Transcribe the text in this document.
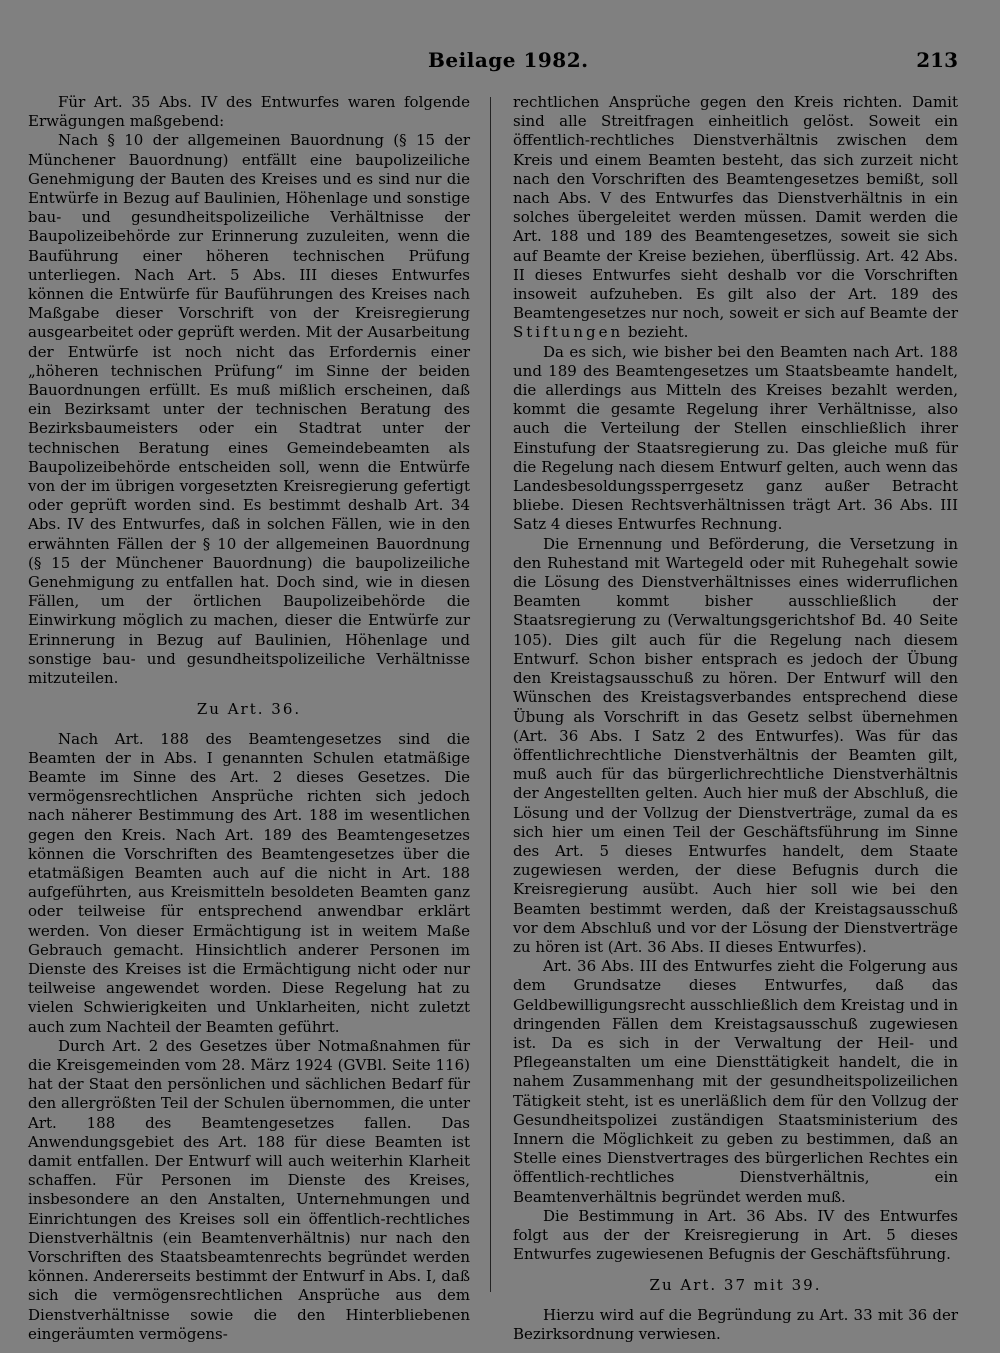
Beilage 1982.	213

Für Art. 35 Abs. IV des Entwurfes waren folgende Erwägungen maßgebend:

Nach § 10 der allgemeinen Bauordnung (§ 15 der Münchener Bauordnung) entfällt eine baupolizeiliche Genehmigung der Bauten des Kreises und es sind nur die Entwürfe in Bezug auf Baulinien, Höhenlage und sonstige bau- und gesundheitspolizeiliche Verhältnisse der Baupolizeibehörde zur Erinnerung zuzuleiten, wenn die Bauführung einer höheren technischen Prüfung unterliegen. Nach Art. 5 Abs. III dieses Entwurfes können die Entwürfe für Bauführungen des Kreises nach Maßgabe dieser Vorschrift von der Kreisregierung ausgearbeitet oder geprüft werden. Mit der Ausarbeitung der Entwürfe ist noch nicht das Erfordernis einer „höheren technischen Prüfung“ im Sinne der beiden Bauordnungen erfüllt. Es muß mißlich erscheinen, daß ein Bezirksamt unter der technischen Beratung des Bezirksbaumeisters oder ein Stadtrat unter der technischen Beratung eines Gemeindebeamten als Baupolizeibehörde entscheiden soll, wenn die Entwürfe von der im übrigen vorgesetzten Kreisregierung gefertigt oder geprüft worden sind. Es bestimmt deshalb Art. 34 Abs. IV des Entwurfes, daß in solchen Fällen, wie in den erwähnten Fällen der § 10 der allgemeinen Bauordnung (§ 15 der Münchener Bauordnung) die baupolizeiliche Genehmigung zu entfallen hat. Doch sind, wie in diesen Fällen, um der örtlichen Baupolizeibehörde die Einwirkung möglich zu machen, dieser die Entwürfe zur Erinnerung in Bezug auf Baulinien, Höhenlage und sonstige bau- und gesundheitspolizeiliche Verhältnisse mitzuteilen.

Zu Art. 36.

Nach Art. 188 des Beamtengesetzes sind die Beamten der in Abs. I genannten Schulen etatmäßige Beamte im Sinne des Art. 2 dieses Gesetzes. Die vermögensrechtlichen Ansprüche richten sich jedoch nach näherer Bestimmung des Art. 188 im wesentlichen gegen den Kreis. Nach Art. 189 des Beamtengesetzes können die Vorschriften des Beamtengesetzes über die etatmäßigen Beamten auch auf die nicht in Art. 188 aufgeführten, aus Kreismitteln besoldeten Beamten ganz oder teilweise für entsprechend anwendbar erklärt werden. Von dieser Ermächtigung ist in weitem Maße Gebrauch gemacht. Hinsichtlich anderer Personen im Dienste des Kreises ist die Ermächtigung nicht oder nur teilweise angewendet worden. Diese Regelung hat zu vielen Schwierigkeiten und Unklarheiten, nicht zuletzt auch zum Nachteil der Beamten geführt.

Durch Art. 2 des Gesetzes über Notmaßnahmen für die Kreisgemeinden vom 28. März 1924 (GVBl. Seite 116) hat der Staat den persönlichen und sächlichen Bedarf für den allergrößten Teil der Schulen übernommen, die unter Art. 188 des Beamtengesetzes fallen. Das Anwendungsgebiet des Art. 188 für diese Beamten ist damit entfallen. Der Entwurf will auch weiterhin Klarheit schaffen. Für Personen im Dienste des Kreises, insbesondere an den Anstalten, Unternehmungen und Einrichtungen des Kreises soll ein öffentlich-rechtliches Dienstverhältnis (ein Beamtenverhältnis) nur nach den Vorschriften des Staatsbeamtenrechts begründet werden können. Andererseits bestimmt der Entwurf in Abs. I, daß sich die vermögensrechtlichen Ansprüche aus dem Dienstverhältnisse sowie die den Hinterbliebenen eingeräumten vermögens-

rechtlichen Ansprüche gegen den Kreis richten. Damit sind alle Streitfragen einheitlich gelöst. Soweit ein öffentlich-rechtliches Dienstverhältnis zwischen dem Kreis und einem Beamten besteht, das sich zurzeit nicht nach den Vorschriften des Beamtengesetzes bemißt, soll nach Abs. V des Entwurfes das Dienstverhältnis in ein solches übergeleitet werden müssen. Damit werden die Art. 188 und 189 des Beamtengesetzes, soweit sie sich auf Beamte der Kreise beziehen, überflüssig. Art. 42 Abs. II dieses Entwurfes sieht deshalb vor die Vorschriften insoweit aufzuheben. Es gilt also der Art. 189 des Beamtengesetzes nur noch, soweit er sich auf Beamte der Stiftungen bezieht.

Da es sich, wie bisher bei den Beamten nach Art. 188 und 189 des Beamtengesetzes um Staatsbeamte handelt, die allerdings aus Mitteln des Kreises bezahlt werden, kommt die gesamte Regelung ihrer Verhältnisse, also auch die Verteilung der Stellen einschließlich ihrer Einstufung der Staatsregierung zu. Das gleiche muß für die Regelung nach diesem Entwurf gelten, auch wenn das Landesbesoldungssperrgesetz ganz außer Betracht bliebe. Diesen Rechtsverhältnissen trägt Art. 36 Abs. III Satz 4 dieses Entwurfes Rechnung.

Die Ernennung und Beförderung, die Versetzung in den Ruhestand mit Wartegeld oder mit Ruhegehalt sowie die Lösung des Dienstverhältnisses eines widerruflichen Beamten kommt bisher ausschließlich der Staatsregierung zu (Verwaltungsgerichtshof Bd. 40 Seite 105). Dies gilt auch für die Regelung nach diesem Entwurf. Schon bisher entsprach es jedoch der Übung den Kreistagsausschuß zu hören. Der Entwurf will den Wünschen des Kreistagsverbandes entsprechend diese Übung als Vorschrift in das Gesetz selbst übernehmen (Art. 36 Abs. I Satz 2 des Entwurfes). Was für das öffentlichrechtliche Dienstverhältnis der Beamten gilt, muß auch für das bürgerlichrechtliche Dienstverhältnis der Angestellten gelten. Auch hier muß der Abschluß, die Lösung und der Vollzug der Dienstverträge, zumal da es sich hier um einen Teil der Geschäftsführung im Sinne des Art. 5 dieses Entwurfes handelt, dem Staate zugewiesen werden, der diese Befugnis durch die Kreisregierung ausübt. Auch hier soll wie bei den Beamten bestimmt werden, daß der Kreistagsausschuß vor dem Abschluß und vor der Lösung der Dienstverträge zu hören ist (Art. 36 Abs. II dieses Entwurfes).

Art. 36 Abs. III des Entwurfes zieht die Folgerung aus dem Grundsatze dieses Entwurfes, daß das Geldbewilligungsrecht ausschließlich dem Kreistag und in dringenden Fällen dem Kreistagsausschuß zugewiesen ist. Da es sich in der Verwaltung der Heil- und Pflegeanstalten um eine Diensttätigkeit handelt, die in nahem Zusammenhang mit der gesundheitspolizeilichen Tätigkeit steht, ist es unerläßlich dem für den Vollzug der Gesundheitspolizei zuständigen Staatsministerium des Innern die Möglichkeit zu geben zu bestimmen, daß an Stelle eines Dienstvertrages des bürgerlichen Rechtes ein öffentlich-rechtliches Dienstverhältnis, ein Beamtenverhältnis begründet werden muß.

Die Bestimmung in Art. 36 Abs. IV des Entwurfes folgt aus der der Kreisregierung in Art. 5 dieses Entwurfes zugewiesenen Befugnis der Geschäftsführung.

Zu Art. 37 mit 39.

Hierzu wird auf die Begründung zu Art. 33 mit 36 der Bezirksordnung verwiesen.
